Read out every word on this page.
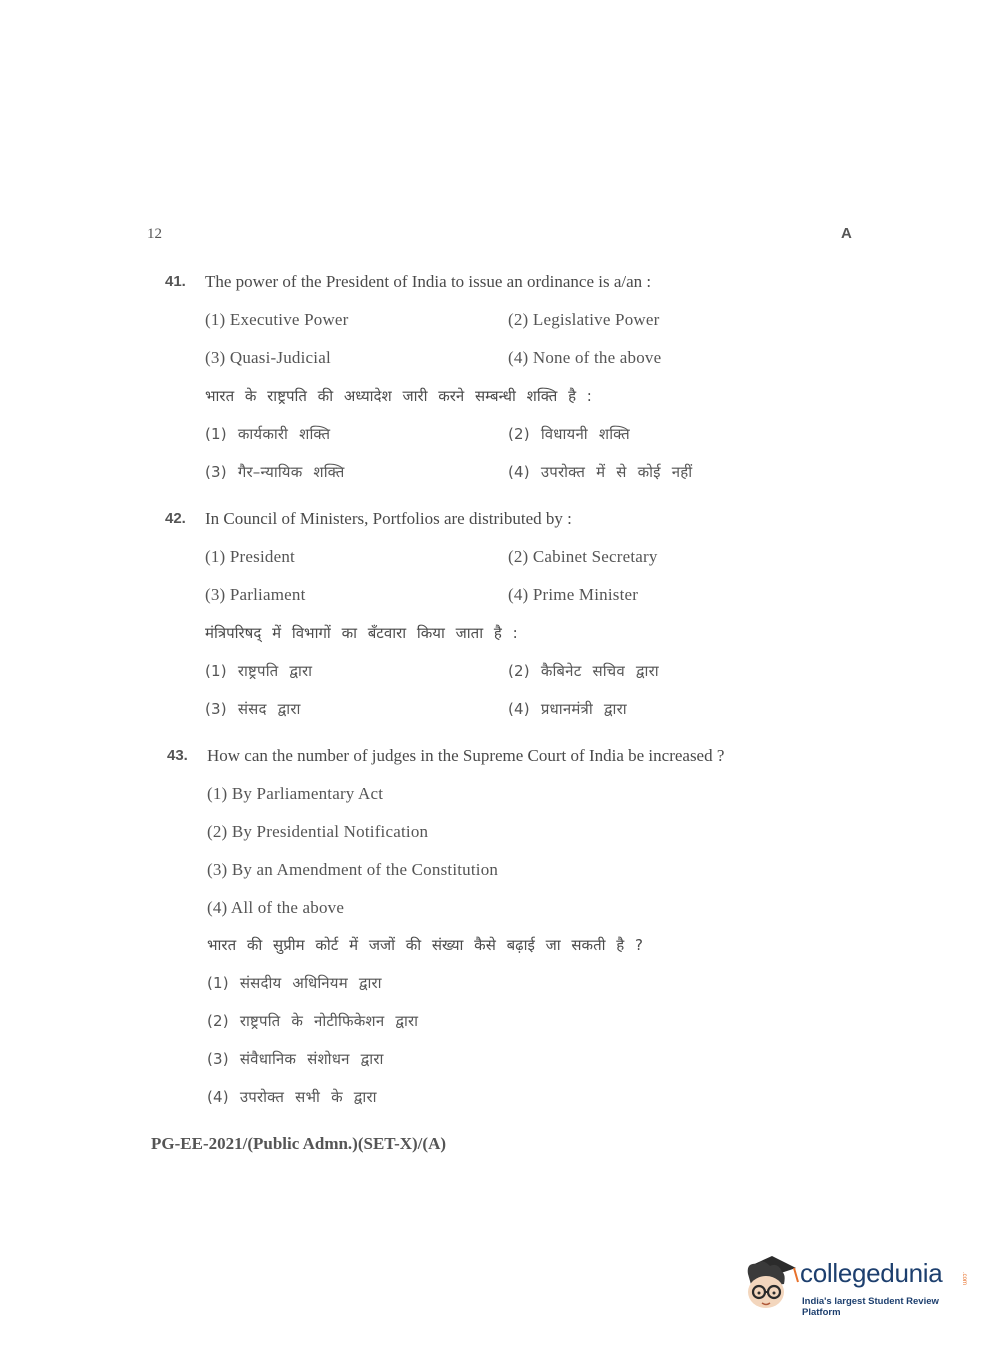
12	A
41. The power of the President of India to issue an ordinance is a/an :
(1) Executive Power	(2) Legislative Power
(3) Quasi-Judicial	(4) None of the above
भारत के राष्ट्रपति की अध्यादेश जारी करने सम्बन्धी शक्ति है :
(1) कार्यकारी शक्ति	(2) विधायनी शक्ति
(3) गैर–न्यायिक शक्ति	(4) उपरोक्त में से कोई नहीं
42. In Council of Ministers, Portfolios are distributed by :
(1) President	(2) Cabinet Secretary
(3) Parliament	(4) Prime Minister
मंत्रिपरिषद् में विभागों का बँटवारा किया जाता है :
(1) राष्ट्रपति द्वारा	(2) कैबिनेट सचिव द्वारा
(3) संसद द्वारा	(4) प्रधानमंत्री द्वारा
43. How can the number of judges in the Supreme Court of India be increased ?
(1) By Parliamentary Act
(2) By Presidential Notification
(3) By an Amendment of the Constitution
(4) All of the above
भारत की सुप्रीम कोर्ट में जजों की संख्या कैसे बढ़ाई जा सकती है ?
(1) संसदीय अधिनियम द्वारा
(2) राष्ट्रपति के नोटीफिकेशन द्वारा
(3) संवैधानिक संशोधन द्वारा
(4) उपरोक्त सभी के द्वारा
PG-EE-2021/(Public Admn.)(SET-X)/(A)
collegedunia	.com
India's largest Student Review Platform
